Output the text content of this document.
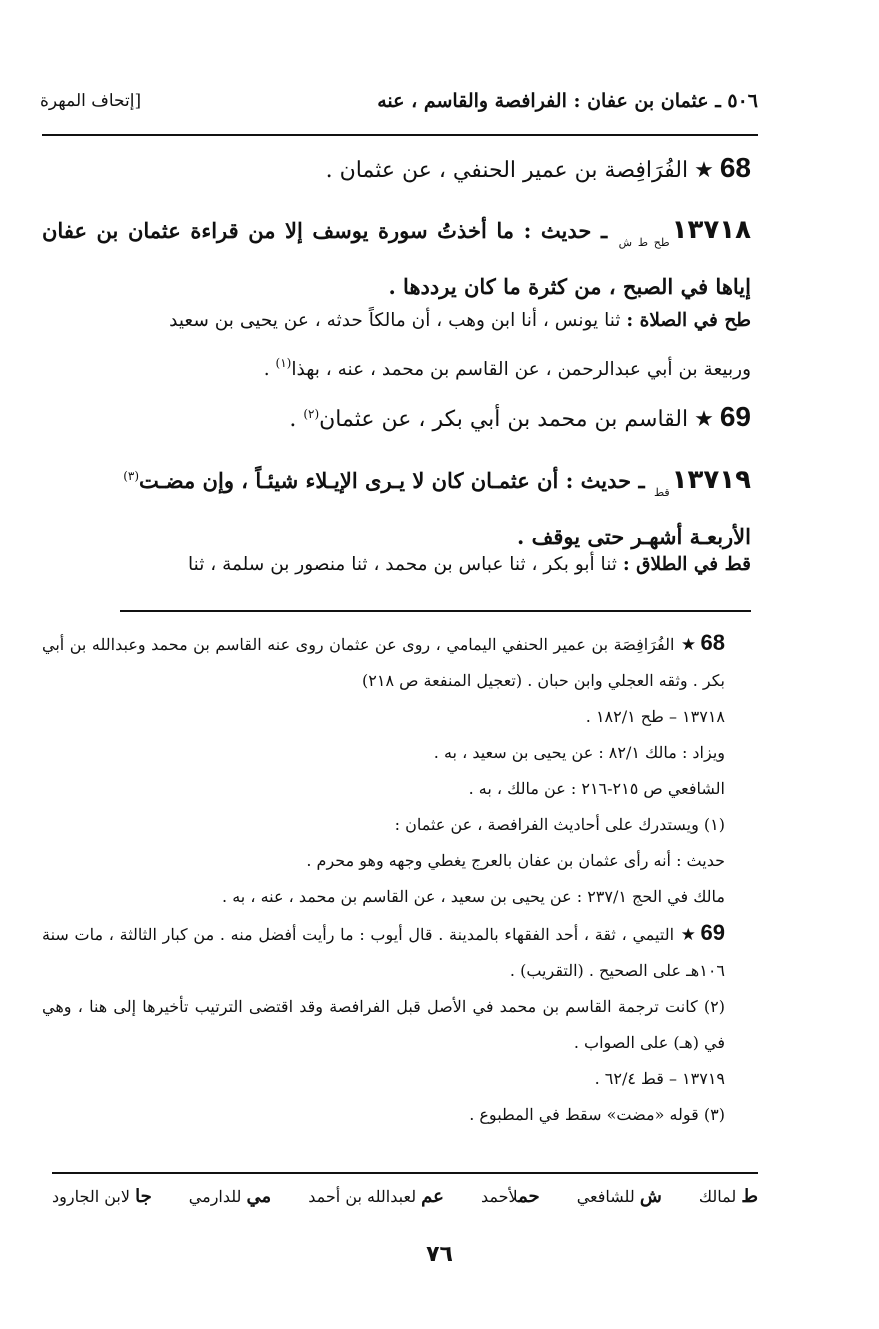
٥٠٦ ـ عثمان بن عفان : الفرافصة والقاسم ، عنه
[إتحاف المهرة
68★الفُرَافِصة بن عمير الحنفي ، عن عثمان .
$١٣٧١٨_{طح ط ش}$ ـ حديث : ما أخذتُ سورة يوسف إلا من قراءة عثمان بن عفان إياها في الصبح ، من كثرة ما كان يرددها .
طح في الصلاة : ثنا يونس ، أنا ابن وهب ، أن مالكاً حدثه ، عن يحيى بن سعيد
وربيعة بن أبي عبدالرحمن ، عن القاسم بن محمد ، عنه ، بهذا$^{(١)}$ .
69★القاسم بن محمد بن أبي بكر ، عن عثمان$^{(٢)}$ .
$١٣٧١٩_{قط}$ ـ حديث : أن عثمـان كان لا يـرى الإيـلاء شيئـاً ، وإن مضـت$^{(٣)}$
الأربعـة أشهـر حتى يوقف .
قط في الطلاق : ثنا أبو بكر ، ثنا عباس بن محمد ، ثنا منصور بن سلمة ، ثنا

68★الفُرَافِصَة بن عمير الحنفي اليمامي ، روى عن عثمان روى عنه القاسم بن محمد وعبدالله بن أبي بكر . وثقه العجلي وابن حبان . (تعجيل المنفعة ص ٢١٨)

١٣٧١٨ – طح ١٨٢/١ .

ويزاد : مالك ٨٢/١ : عن يحيى بن سعيد ، به .

الشافعي ص ٢١٥-٢١٦ : عن مالك ، به .

(١) ويستدرك على أحاديث الفرافصة ، عن عثمان :

حديث : أنه رأى عثمان بن عفان بالعرج يغطي وجهه وهو محرم .

مالك في الحج ٢٣٧/١ : عن يحيى بن سعيد ، عن القاسم بن محمد ، عنه ، به .

69★التيمي ، ثقة ، أحد الفقهاء بالمدينة . قال أيوب : ما رأيت أفضل منه . من كبار الثالثة ، مات سنة ١٠٦هـ على الصحيح . (التقريب) .

(٢) كانت ترجمة القاسم بن محمد في الأصل قبل الفرافصة وقد اقتضى الترتيب تأخيرها إلى هنا ، وهي في (هـ) على الصواب .

١٣٧١٩ – قط ٦٢/٤ .

(٣) قوله «مضت» سقط في المطبوع .

ط لمالك
ش للشافعي
حملأحمد
عم لعبدالله بن أحمد
مي للدارمي
جا لابن الجارود
٧٦
